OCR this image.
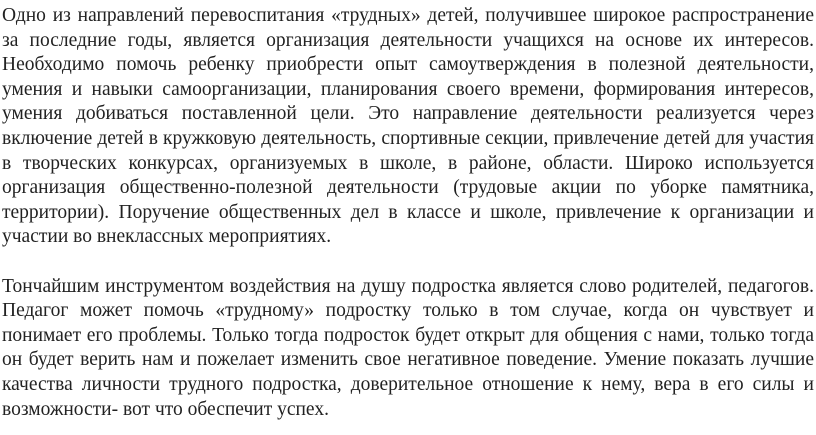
Одно из направлений перевоспитания «трудных» детей, получившее широкое распространение за последние годы, является организация деятельности учащихся на основе их интересов. Необходимо помочь ребенку приобрести опыт самоутверждения в полезной деятельности, умения и навыки самоорганизации, планирования своего времени, формирования интересов, умения добиваться поставленной цели. Это направление деятельности реализуется через включение детей в кружковую деятельность, спортивные секции, привлечение детей для участия в творческих конкурсах, организуемых в школе, в районе, области. Широко используется организация общественно-полезной деятельности (трудовые акции по уборке памятника, территории). Поручение общественных дел в классе и школе, привлечение к организации и участии во внеклассных мероприятиях.

Тончайшим инструментом воздействия на душу подростка является слово родителей, педагогов. Педагог может помочь «трудному» подростку только в том случае, когда он чувствует и понимает его проблемы. Только тогда подросток будет открыт для общения с нами, только тогда он будет верить нам и пожелает изменить свое негативное поведение. Умение показать лучшие качества личности трудного подростка, доверительное отношение к нему, вера в его силы и возможности- вот что обеспечит успех.
